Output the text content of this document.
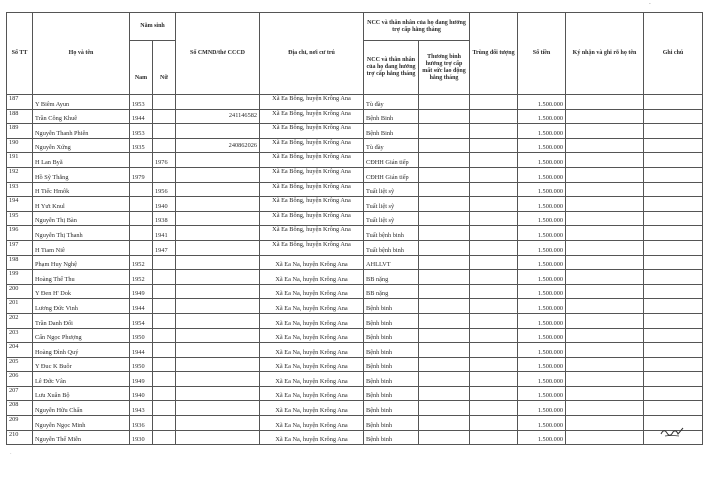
Số TT	Họ và tên	Năm sinh		Số CMND/thẻ CCCD	Địa chỉ, nơi cư trú	NCC và thân nhân của họ đang hưởng trợ cấp hằng tháng		Trùng đối tượng	Số tiền	Ký nhận và ghi rõ họ tên	Ghi chú
		Nam	Nữ			NCC và thân nhân của họ đang hưởng trợ cấp hằng tháng	Thương binh hưởng trợ cấp mất sức lao động hằng tháng				

187	Y Biêm Ayun	1953			Xã Ea Bông, huyện Krông Ana	Tù đày			1.500.000		
188	Trần Công Khuê	1944		241146582	Xã Ea Bông, huyện Krông Ana	Bệnh Binh			1.500.000		
189	Nguyễn Thanh Phiên	1953			Xã Ea Bông, huyện Krông Ana	Bệnh Binh			1.500.000		
190	Nguyễn Xứng	1935		240862026	Xã Ea Bông, huyện Krông Ana	Tù đày			1.500.000		
191	H Lan Byă		1976		Xã Ea Bông, huyện Krông Ana	CĐHH Gián tiếp			1.500.000		
192	Hồ Sỹ Thắng	1979			Xã Ea Bông, huyện Krông Ana	CĐHH Gián tiếp			1.500.000		
193	H Tiếc Hmôk		1956		Xã Ea Bông, huyện Krông Ana	Tuất liệt sỹ			1.500.000		
194	H Yưt Knul		1940		Xã Ea Bông, huyện Krông Ana	Tuất liệt sỹ			1.500.000		
195	Nguyễn Thị Bàn		1938		Xã Ea Bông, huyện Krông Ana	Tuất liệt sỹ			1.500.000		
196	Nguyễn Thị Thanh		1941		Xã Ea Bông, huyện Krông Ana	Tuất bệnh binh			1.500.000		
197	H Tiam Niê		1947		Xã Ea Bông, huyện Krông Ana	Tuất bệnh binh			1.500.000		
198	Phạm Huy Nghệ	1952			Xã Ea Na, huyện Krông Ana	AHLLVT			1.500.000		
199	Hoàng Thế Thu	1952			Xã Ea Na, huyện Krông Ana	BB nặng			1.500.000		
200	Y Đen H' Dok	1949			Xã Ea Na, huyện Krông Ana	BB nặng			1.500.000		
201	Lương Đức Vinh	1944			Xã Ea Na, huyện Krông Ana	Bệnh binh			1.500.000		
202	Trần Danh Đối	1954			Xã Ea Na, huyện Krông Ana	Bệnh binh			1.500.000		
203	Cấn Ngọc Phượng	1950			Xã Ea Na, huyện Krông Ana	Bệnh binh			1.500.000		
204	Hoàng Đình Quý	1944			Xã Ea Na, huyện Krông Ana	Bệnh binh			1.500.000		
205	Y Đuc K Buôr	1950			Xã Ea Na, huyện Krông Ana	Bệnh binh			1.500.000		
206	Lê Đức Vân	1949			Xã Ea Na, huyện Krông Ana	Bệnh binh			1.500.000		
207	Lưu Xuân Bộ	1940			Xã Ea Na, huyện Krông Ana	Bệnh binh			1.500.000		
208	Nguyễn Hữu Chấn	1943			Xã Ea Na, huyện Krông Ana	Bệnh binh			1.500.000		
209	Nguyễn Ngọc Minh	1936			Xã Ea Na, huyện Krông Ana	Bệnh binh			1.500.000		
210	Nguyễn Thế Miễn	1930			Xã Ea Na, huyện Krông Ana	Bệnh binh			1.500.000		
-
·
